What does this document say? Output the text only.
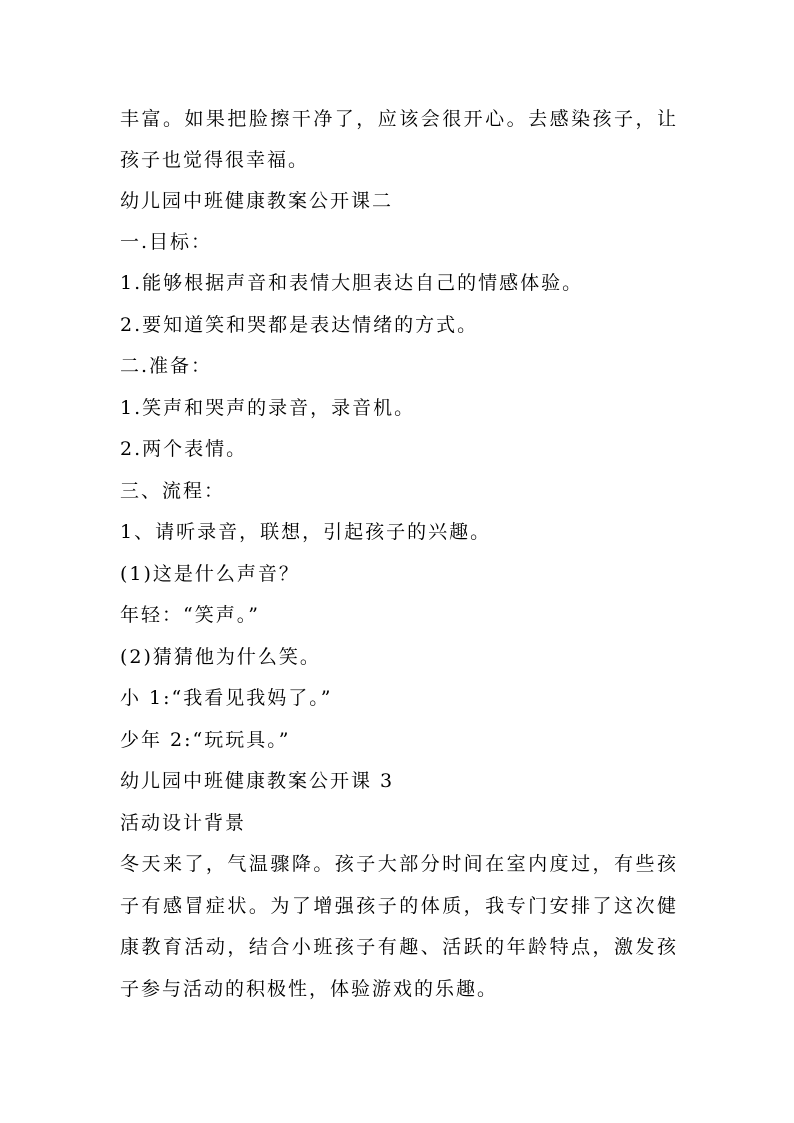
丰富。如果把脸擦干净了，应该会很开心。去感染孩子，让

孩子也觉得很幸福。

幼儿园中班健康教案公开课二

一.目标：

1.能够根据声音和表情大胆表达自己的情感体验。

2.要知道笑和哭都是表达情绪的方式。

二.准备：

1.笑声和哭声的录音，录音机。

2.两个表情。

三、流程：

1、请听录音，联想，引起孩子的兴趣。

(1)这是什么声音？

年轻：“笑声。”

(2)猜猜他为什么笑。

小 1:“我看见我妈了。”

少年 2:“玩玩具。”

幼儿园中班健康教案公开课 3

活动设计背景

冬天来了，气温骤降。孩子大部分时间在室内度过，有些孩

子有感冒症状。为了增强孩子的体质，我专门安排了这次健

康教育活动，结合小班孩子有趣、活跃的年龄特点，激发孩

子参与活动的积极性，体验游戏的乐趣。
